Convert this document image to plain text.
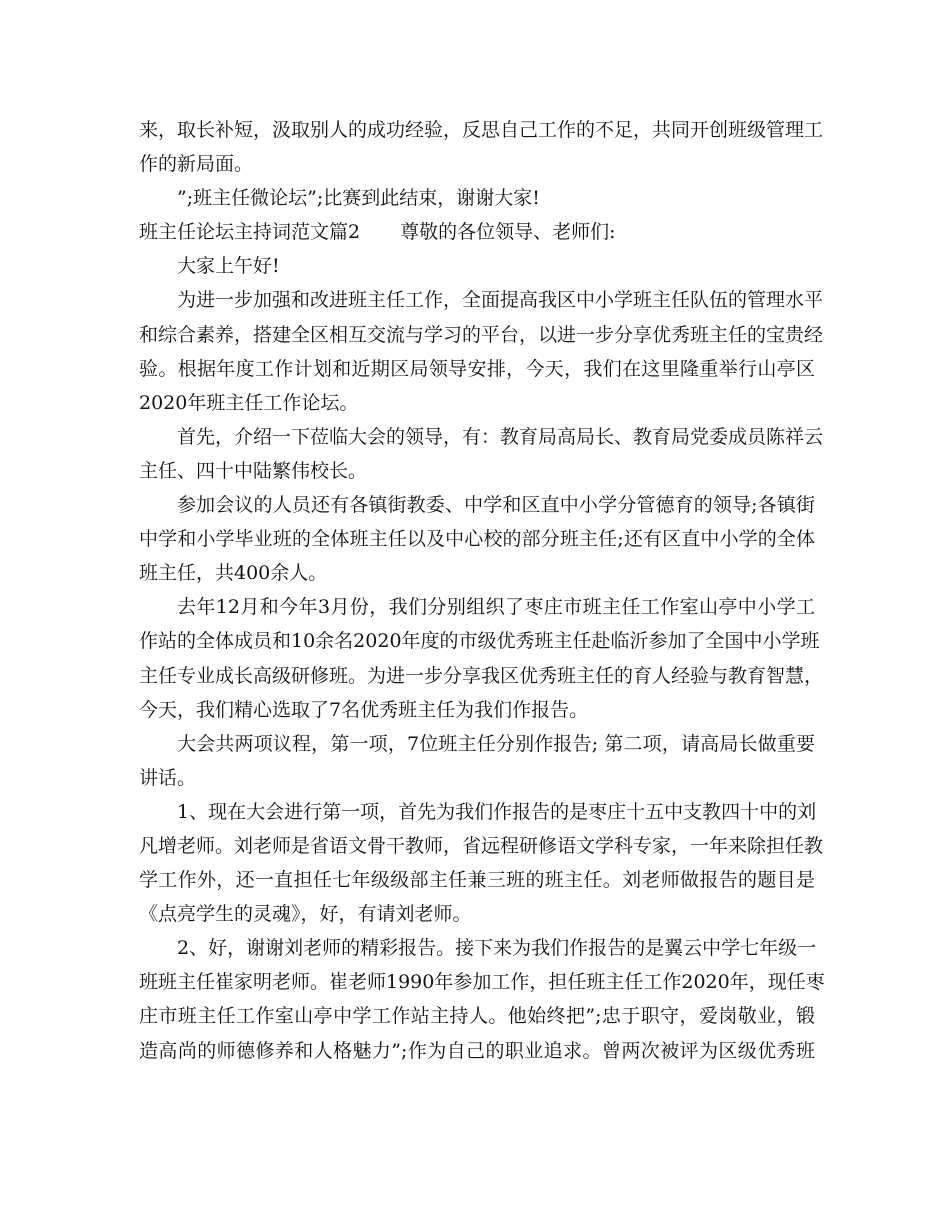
来，取长补短，汲取别人的成功经验，反思自己工作的不足，共同开创班级管理工
作的新局面。
”;班主任微论坛”;比赛到此结束，谢谢大家!
班主任论坛主持词范文篇2 尊敬的各位领导、老师们:
大家上午好!
为进一步加强和改进班主任工作，全面提高我区中小学班主任队伍的管理水平
和综合素养，搭建全区相互交流与学习的平台，以进一步分享优秀班主任的宝贵经
验。根据年度工作计划和近期区局领导安排，今天，我们在这里隆重举行山亭区
2020年班主任工作论坛。
首先，介绍一下莅临大会的领导，有：教育局高局长、教育局党委成员陈祥云
主任、四十中陆繁伟校长。
参加会议的人员还有各镇街教委、中学和区直中小学分管德育的领导;各镇街
中学和小学毕业班的全体班主任以及中心校的部分班主任;还有区直中小学的全体
班主任，共400余人。
去年12月和今年3月份，我们分别组织了枣庄市班主任工作室山亭中小学工
作站的全体成员和10余名2020年度的市级优秀班主任赴临沂参加了全国中小学班
主任专业成长高级研修班。为进一步分享我区优秀班主任的育人经验与教育智慧，
今天，我们精心选取了7名优秀班主任为我们作报告。
大会共两项议程，第一项，7位班主任分别作报告; 第二项，请高局长做重要
讲话。
1、现在大会进行第一项，首先为我们作报告的是枣庄十五中支教四十中的刘
凡增老师。刘老师是省语文骨干教师，省远程研修语文学科专家，一年来除担任教
学工作外，还一直担任七年级级部主任兼三班的班主任。刘老师做报告的题目是
《点亮学生的灵魂》，好，有请刘老师。
2、好，谢谢刘老师的精彩报告。接下来为我们作报告的是翼云中学七年级一
班班主任崔家明老师。崔老师1990年参加工作，担任班主任工作2020年，现任枣
庄市班主任工作室山亭中学工作站主持人。他始终把”;忠于职守，爱岗敬业，锻
造高尚的师德修养和人格魅力”;作为自己的职业追求。曾两次被评为区级优秀班
